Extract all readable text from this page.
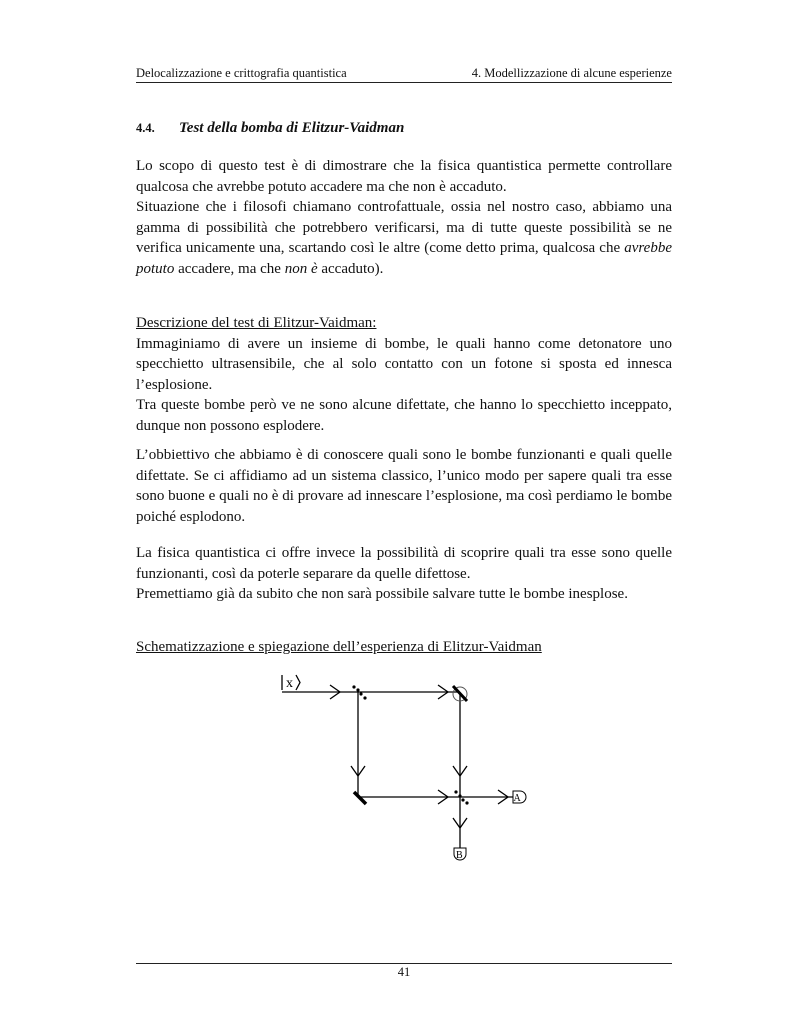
Delocalizzazione e crittografia quantistica	4. Modellizzazione di alcune esperienze
4.4. Test della bomba di Elitzur-Vaidman

Lo scopo di questo test è di dimostrare che la fisica quantistica permette controllare qualcosa che avrebbe potuto accadere ma che non è accaduto.

Situazione che i filosofi chiamano controfattuale, ossia nel nostro caso, abbiamo una gamma di possibilità che potrebbero verificarsi, ma di tutte queste possibilità se ne verifica unicamente una, scartando così le altre (come detto prima, qualcosa che avrebbe potuto accadere, ma che non è accaduto).

Descrizione del test di Elitzur-Vaidman:

Immaginiamo di avere un insieme di bombe, le quali hanno come detonatore uno specchietto ultrasensibile, che al solo contatto con un fotone si sposta ed innesca l’esplosione.

Tra queste bombe però ve ne sono alcune difettate, che hanno lo specchietto inceppato, dunque non possono esplodere.

L’obbiettivo che abbiamo è di conoscere quali sono le bombe funzionanti e quali quelle difettate. Se ci affidiamo ad un sistema classico, l’unico modo per sapere quali tra esse sono buone e quali no è di provare ad innescare l’esplosione, ma così perdiamo le bombe poiché esplodono.

La fisica quantistica ci offre invece la possibilità di scoprire quali tra esse sono quelle funzionanti, così da poterle separare da quelle difettose.

Premettiamo già da subito che non sarà possibile salvare tutte le bombe inesplose.

Schematizzazione e spiegazione dell’esperienza di Elitzur-Vaidman

A
B
x
41
